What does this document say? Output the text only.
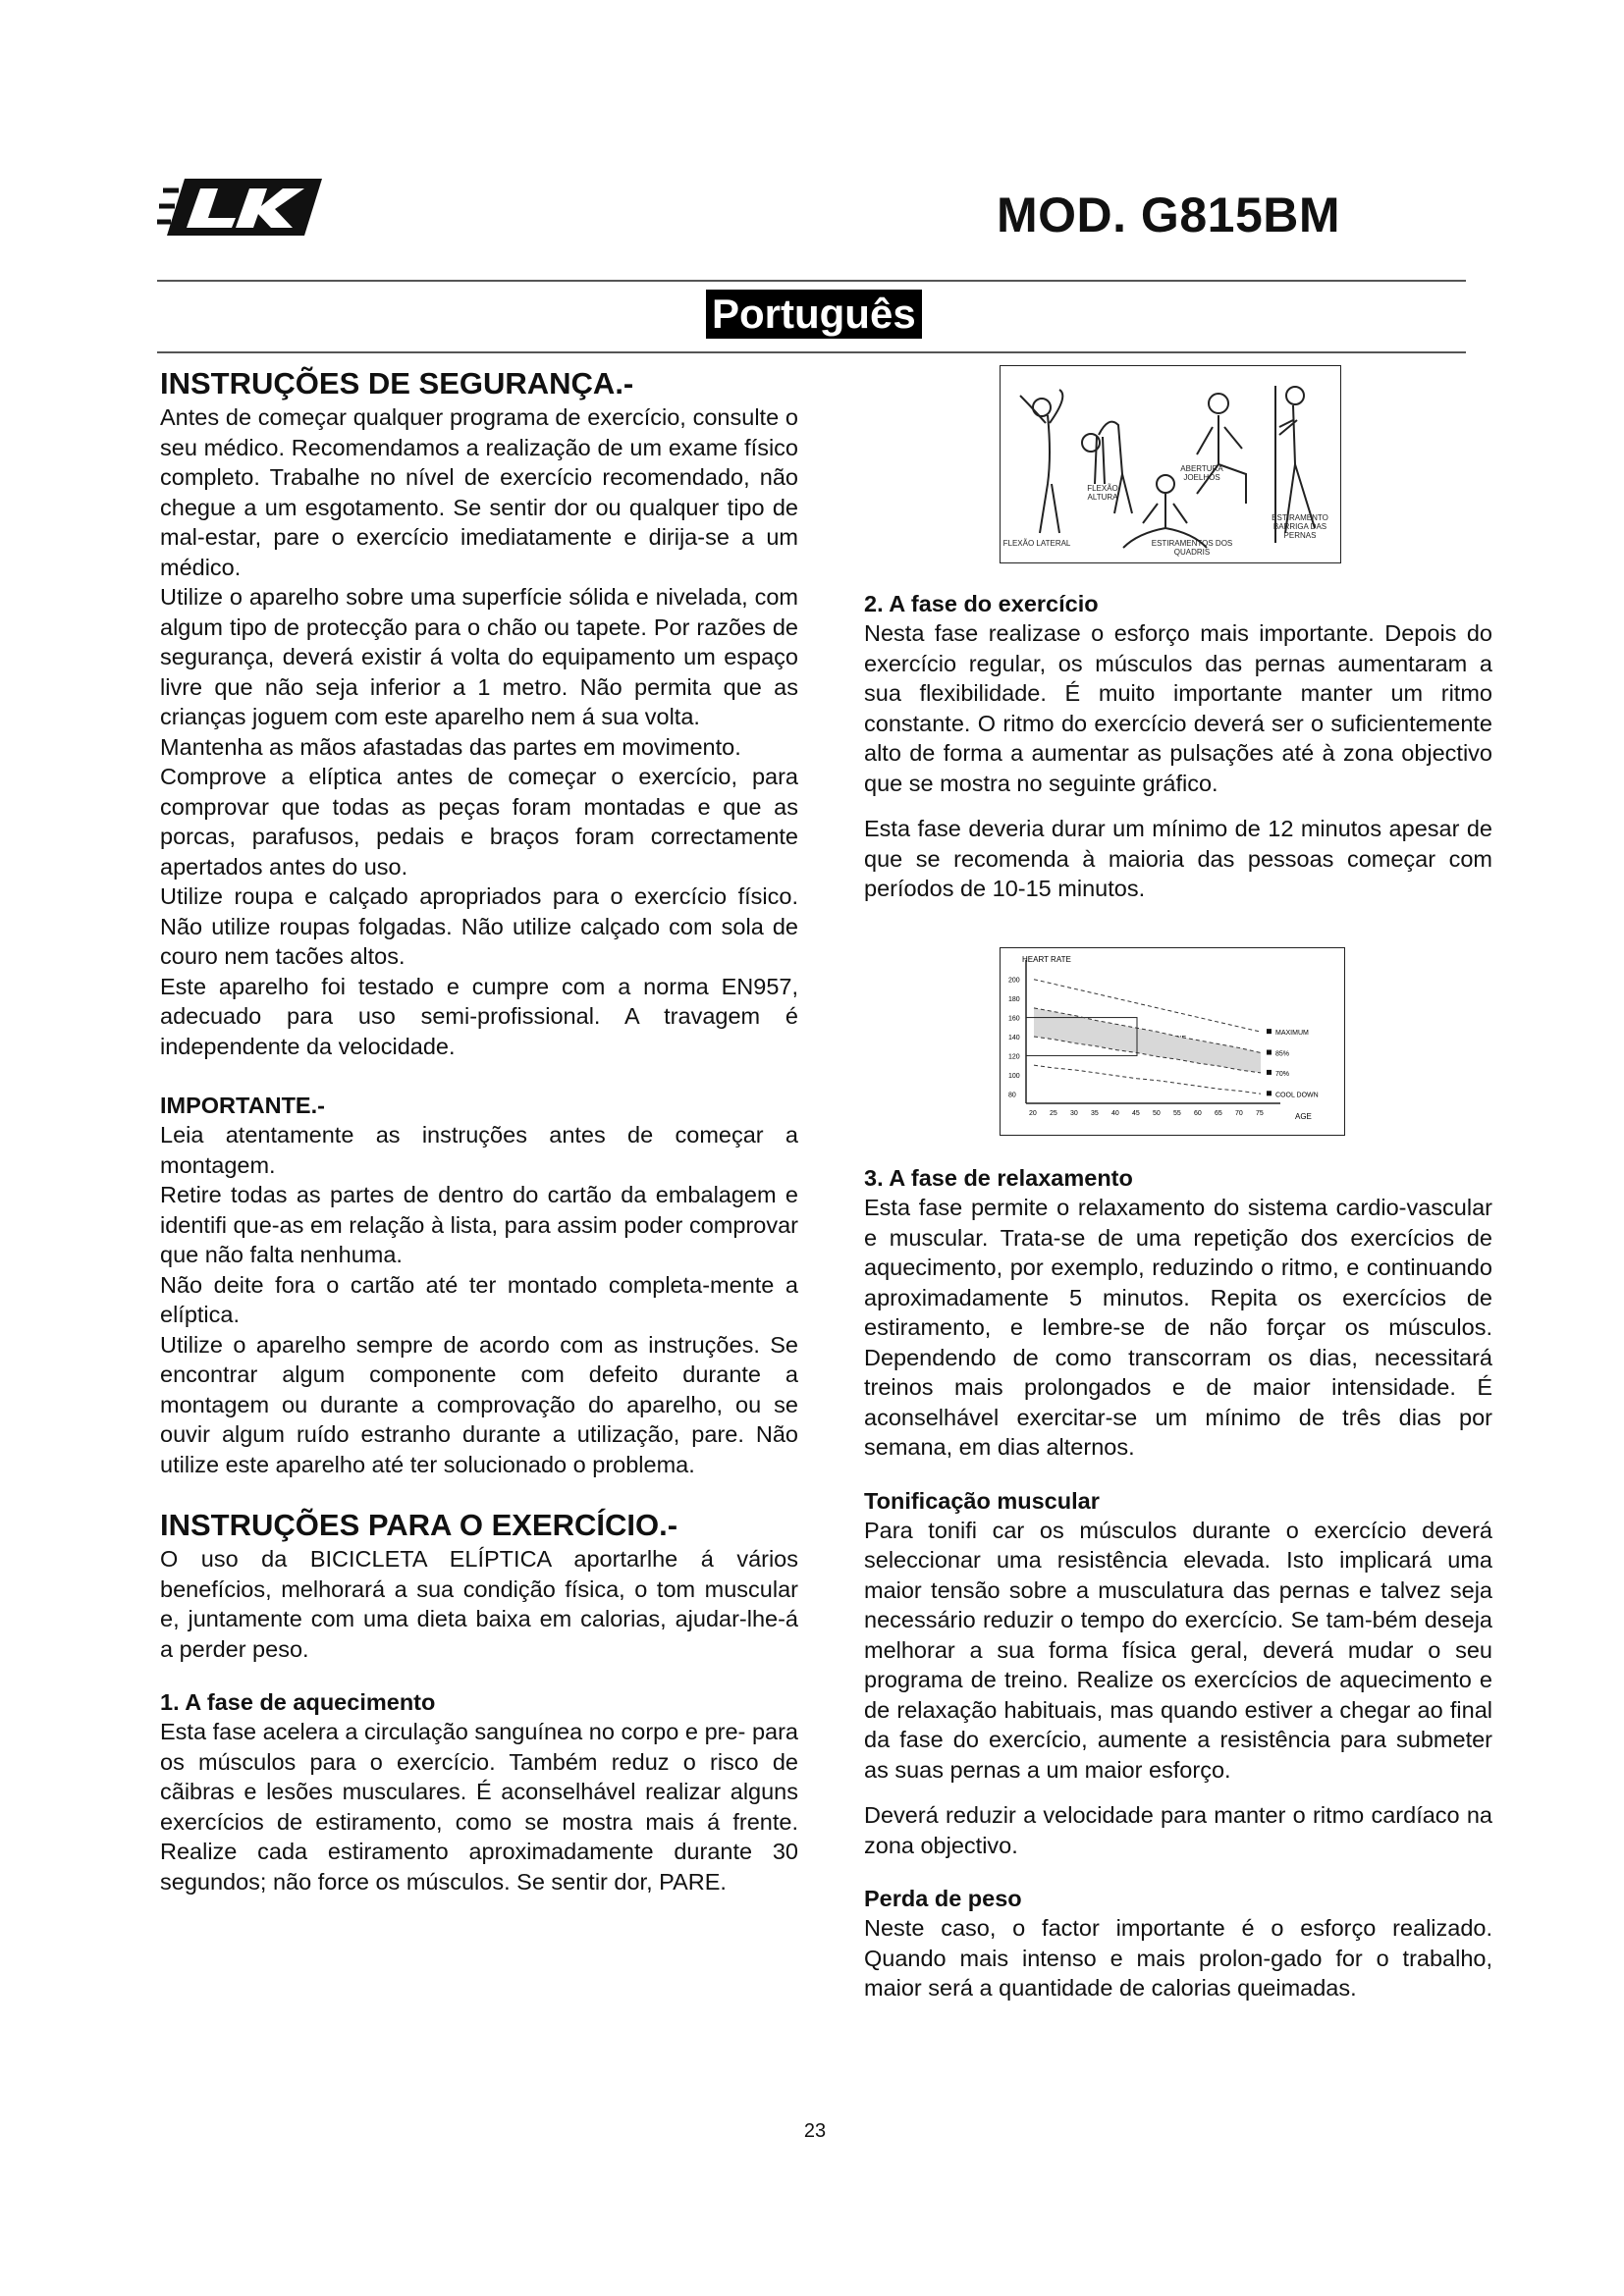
MOD. G815BM
Português

INSTRUÇÕES DE SEGURANÇA.-

Antes de começar qualquer programa de exercício, consulte o seu médico. Recomendamos a realização de um exame físico completo. Trabalhe no nível de exercício recomendado, não chegue a um esgotamento. Se sentir dor ou qualquer tipo de mal-estar, pare o exercício imediatamente e dirija-se a um médico.

Utilize o aparelho sobre uma superfície sólida e nivelada, com algum tipo de protecção para o chão ou tapete. Por razões de segurança, deverá existir á volta do equipamento um espaço livre que não seja inferior a 1 metro. Não permita que as crianças joguem com este aparelho nem á sua volta.

Mantenha as mãos afastadas das partes em movimento.

Comprove a elíptica antes de começar o exercício, para comprovar que todas as peças foram montadas e que as porcas, parafusos, pedais e braços foram correctamente apertados antes do uso.

Utilize roupa e calçado apropriados para o exercício físico. Não utilize roupas folgadas. Não utilize calçado com sola de couro nem tacões altos.

Este aparelho foi testado e cumpre com a norma EN957, adecuado para uso semi-profissional. A travagem é independente da velocidade.

IMPORTANTE.-

Leia atentamente as instruções antes de começar a montagem.

Retire todas as partes de dentro do cartão da embalagem e identifi que-as em relação à lista, para assim poder comprovar que não falta nenhuma.

Não deite fora o cartão até ter montado completa-mente a elíptica.

Utilize o aparelho sempre de acordo com as instruções. Se encontrar algum componente com defeito durante a montagem ou durante a comprovação do aparelho, ou se ouvir algum ruído estranho durante a utilização, pare. Não utilize este aparelho até ter solucionado o problema.

INSTRUÇÕES PARA O EXERCÍCIO.-

O uso da BICICLETA ELÍPTICA aportarlhe á vários benefícios, melhorará a sua condição física, o tom muscular e, juntamente com uma dieta baixa em calorias, ajudar-lhe-á a perder peso.

1. A fase de aquecimento

Esta fase acelera a circulação sanguínea no corpo e pre- para os músculos para o exercício. Também reduz o risco de cãibras e lesões musculares. É aconselhável realizar alguns exercícios de estiramento, como se mostra mais á frente. Realize cada estiramento aproximadamente durante 30 segundos; não force os músculos. Se sentir dor, PARE.

FLEXÃO LATERAL
FLEXÃO ALTURA
ABERTURA JOELHOS
ESTIRAMENTOS DOS QUADRIS
ESTIRAMENTO BARRIGA DAS PERNAS

2. A fase do exercício

Nesta fase realizase o esforço mais importante. Depois do exercício regular, os músculos das pernas aumentaram a sua flexibilidade. É muito importante manter um ritmo constante. O ritmo do exercício deverá ser o suficientemente alto de forma a aumentar as pulsações até à zona objectivo que se mostra no seguinte gráfico.

Esta fase deveria durar um mínimo de 12 minutos apesar de que se recomenda à maioria das pessoas começar com períodos de 10-15 minutos.

HEART RATE
AGE
200
180
160
140
120
100
80
20 25 30 35 40 45 50 55 60 65 70 75
MAXIMUM
85%
70%
COOL DOWN

3. A fase de relaxamento

Esta fase permite o relaxamento do sistema cardio-vascular e muscular. Trata-se de uma repetição dos exercícios de aquecimento, por exemplo, reduzindo o ritmo, e continuando aproximadamente 5 minutos. Repita os exercícios de estiramento, e lembre-se de não forçar os músculos. Dependendo de como transcorram os dias, necessitará treinos mais prolongados e de maior intensidade. É aconselhável exercitar-se um mínimo de três dias por semana, em dias alternos.

Tonificação muscular

Para tonifi car os músculos durante o exercício deverá seleccionar uma resistência elevada. Isto implicará uma maior tensão sobre a musculatura das pernas e talvez seja necessário reduzir o tempo do exercício. Se tam-bém deseja melhorar a sua forma física geral, deverá mudar o seu programa de treino. Realize os exercícios de aquecimento e de relaxação habituais, mas quando estiver a chegar ao final da fase do exercício, aumente a resistência para submeter as suas pernas a um maior esforço.

Deverá reduzir a velocidade para manter o ritmo cardíaco na zona objectivo.

Perda de peso

Neste caso, o factor importante é o esforço realizado. Quando mais intenso e mais prolon-gado for o trabalho, maior será a quantidade de calorias queimadas.

23
